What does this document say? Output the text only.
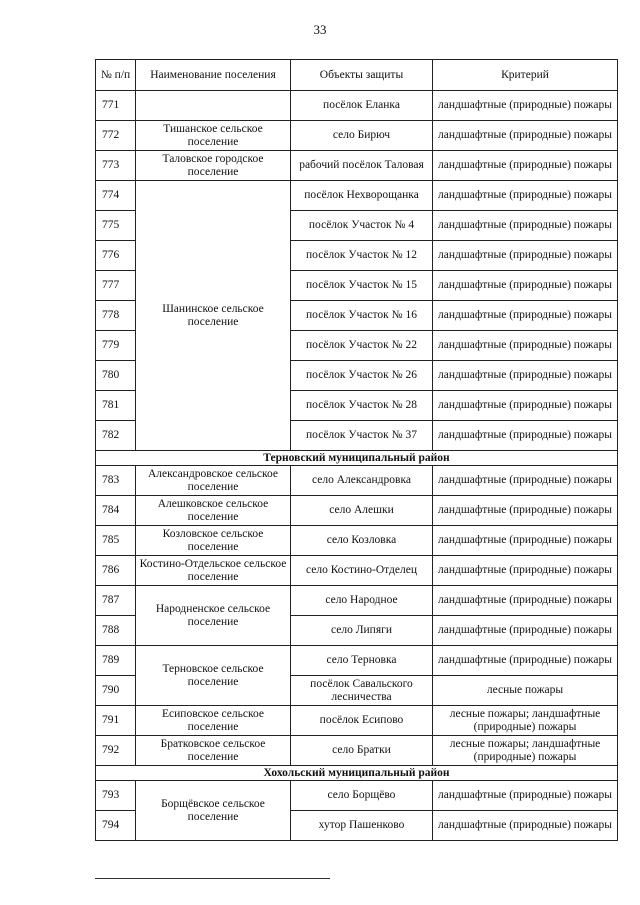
33
№ п/п	Наименование поселения	Объекты защиты	Критерий
771		посёлок Еланка	ландшафтные (природные) пожары
772	Тишанское сельское поселение	село Бирюч	ландшафтные (природные) пожары
773	Таловское городское поселение	рабочий посёлок Таловая	ландшафтные (природные) пожары
774	Шанинское сельское поселение	посёлок Нехворощанка	ландшафтные (природные) пожары
775		посёлок Участок № 4	ландшафтные (природные) пожары
776		посёлок Участок № 12	ландшафтные (природные) пожары
777		посёлок Участок № 15	ландшафтные (природные) пожары
778		посёлок Участок № 16	ландшафтные (природные) пожары
779		посёлок Участок № 22	ландшафтные (природные) пожары
780		посёлок Участок № 26	ландшафтные (природные) пожары
781		посёлок Участок № 28	ландшафтные (природные) пожары
782		посёлок Участок № 37	ландшафтные (природные) пожары
Терновский муниципальный район			
783	Александровское сельское поселение	село Александровка	ландшафтные (природные) пожары
784	Алешковское сельское поселение	село Алешки	ландшафтные (природные) пожары
785	Козловское сельское поселение	село Козловка	ландшафтные (природные) пожары
786	Костино-Отдельское сельское поселение	село Костино-Отделец	ландшафтные (природные) пожары
787	Народненское сельское поселение	село Народное	ландшафтные (природные) пожары
788		село Липяги	ландшафтные (природные) пожары
789	Терновское сельское поселение	село Терновка	ландшафтные (природные) пожары
790		посёлок Савальского лесничества	лесные пожары
791	Есиповское сельское поселение	посёлок Есипово	лесные пожары; ландшафтные (природные) пожары
792	Братковское сельское поселение	село Братки	лесные пожары; ландшафтные (природные) пожары
Хохольский муниципальный район			
793	Борщёвское сельское поселение	село Борщёво	ландшафтные (природные) пожары
794		хутор Пашенково	ландшафтные (природные) пожары
